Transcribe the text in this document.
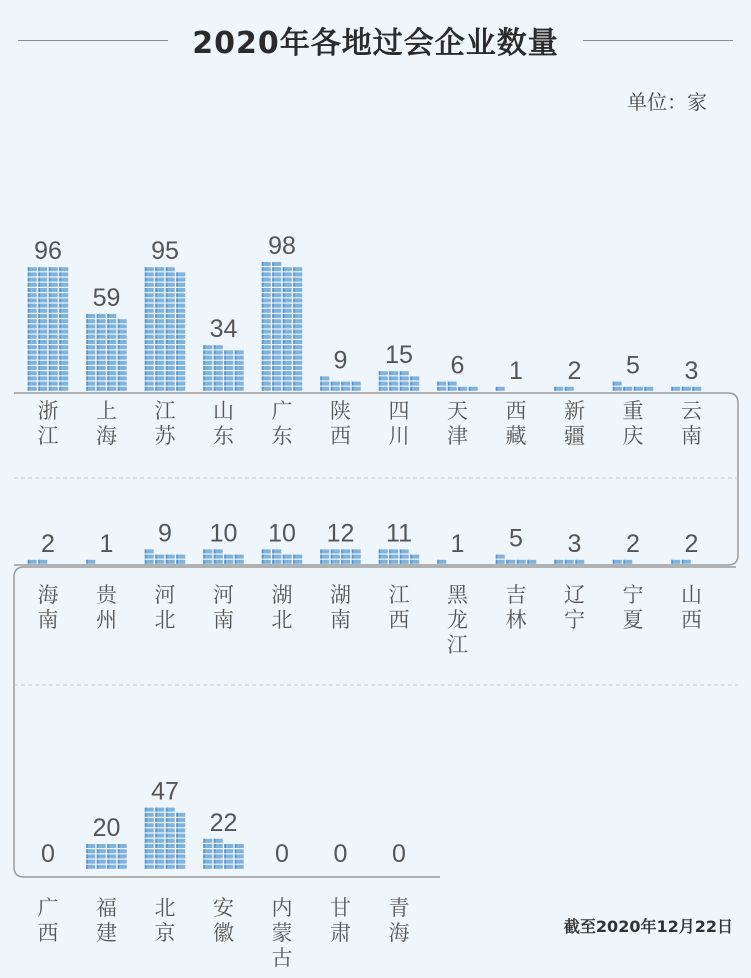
2020年各地过会企业数量
单位：家
96
浙
江
59
上
海
95
江
苏
34
山
东
98
广
东
9
陕
西
15
四
川
6
天
津
1
西
藏
2
新
疆
5
重
庆
3
云
南
2
海
南
1
贵
州
9
河
北
10
河
南
10
湖
北
12
湖
南
11
江
西
1
黑
龙
江
5
吉
林
3
辽
宁
2
宁
夏
2
山
西
0
广
西
20
福
建
47
北
京
22
安
徽
0
内
蒙
古
0
甘
肃
0
青
海	截至2020年12月22日
